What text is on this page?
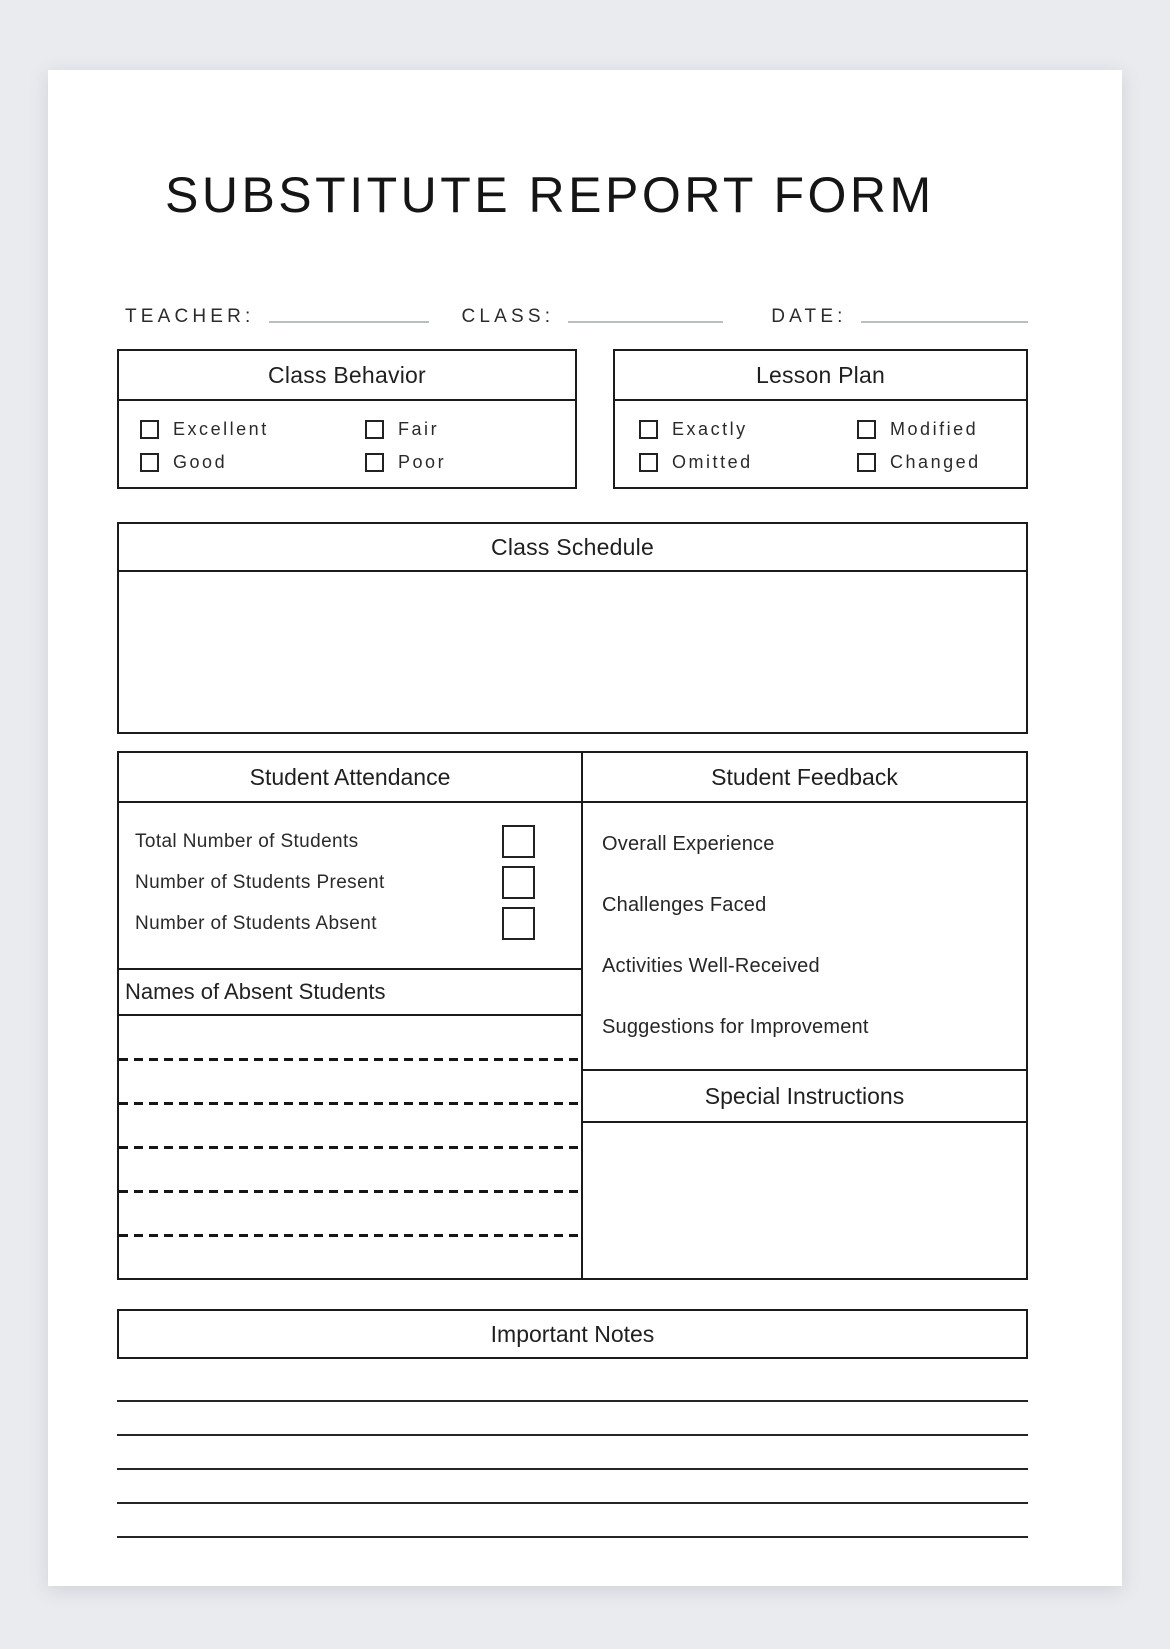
SUBSTITUTE REPORT FORM
TEACHER:	CLASS:	DATE:
Class Behavior
Excellent	Fair
Good	Poor
Lesson Plan
Exactly	Modified
Omitted	Changed
Class Schedule
Student Attendance
Total Number of Students
Number of Students Present
Number of Students Absent
Names of Absent Students
Student Feedback
Overall Experience
Challenges Faced
Activities Well-Received
Suggestions for Improvement
Special Instructions
Important Notes
